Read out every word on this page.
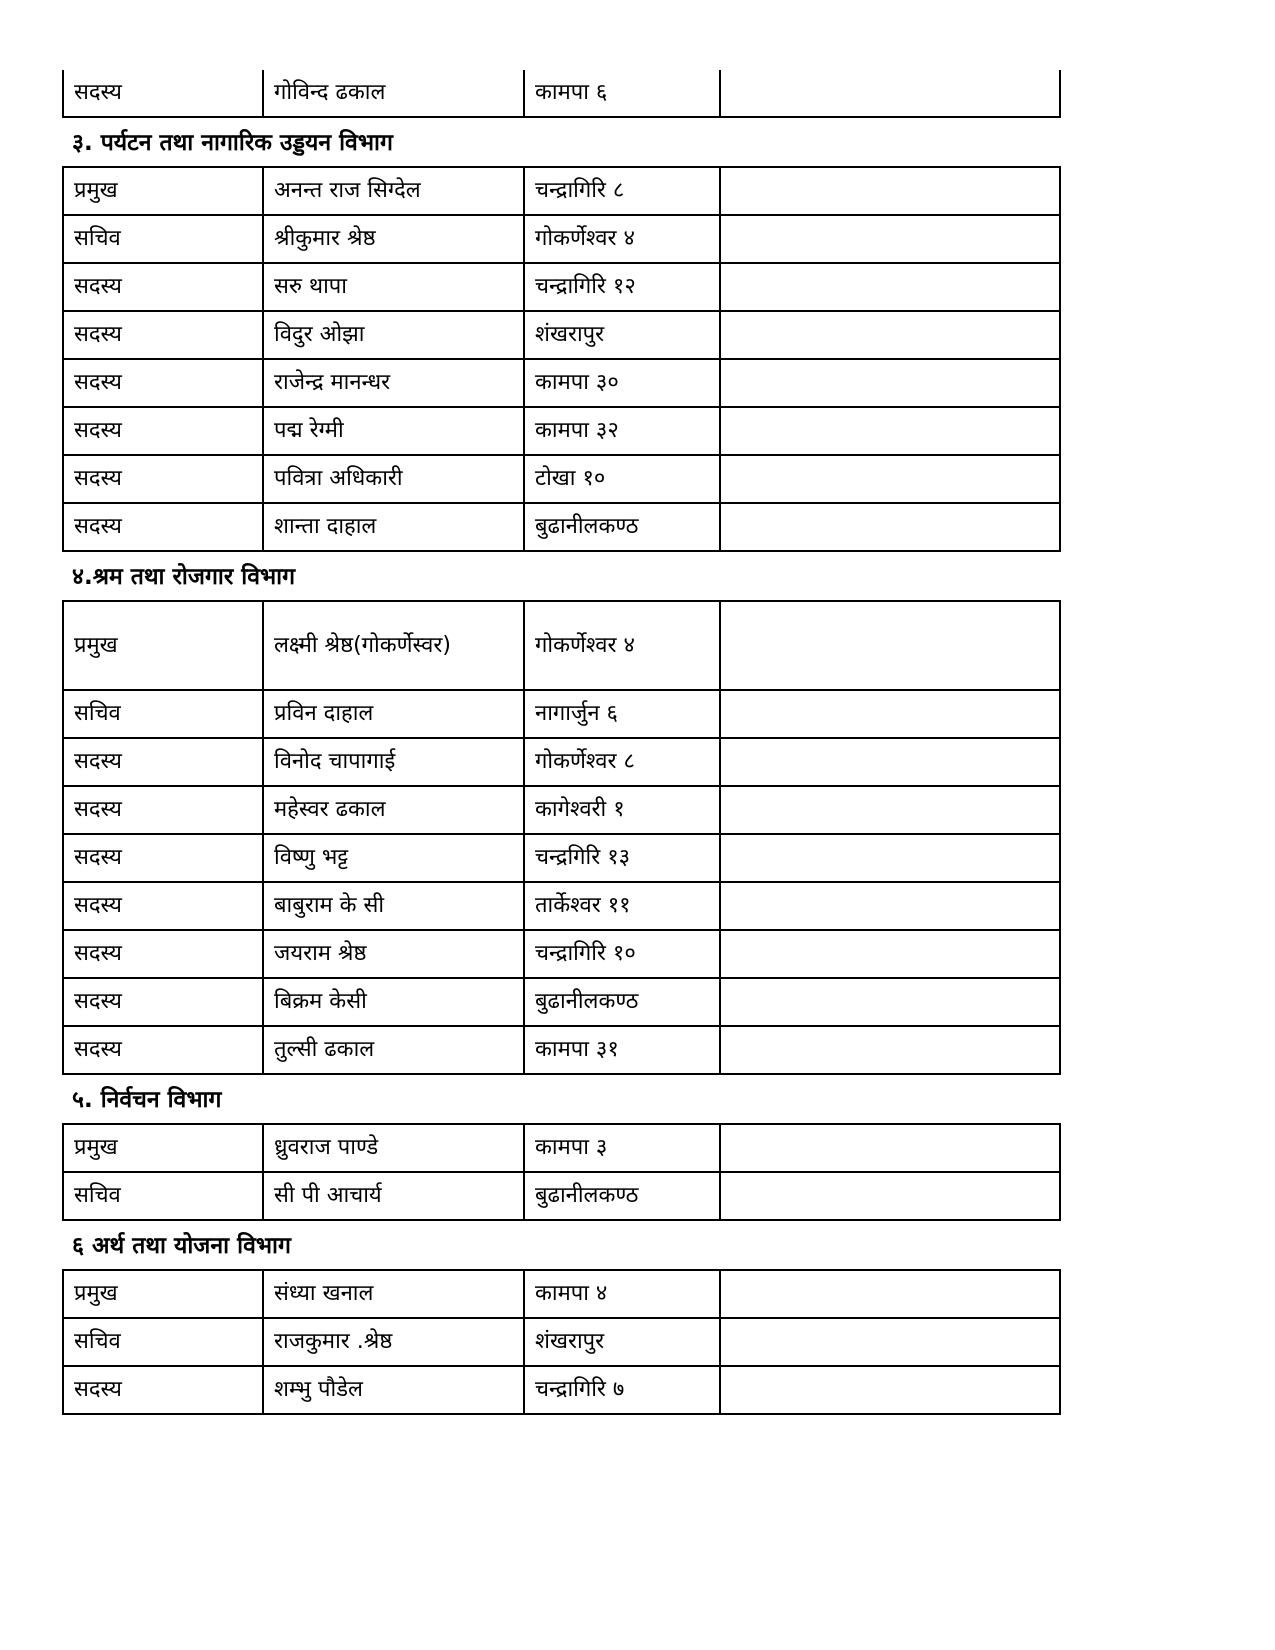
सदस्य	गोविन्द ढकाल	कामपा ६	
३. पर्यटन तथा नागारिक उड्डयन विभाग
प्रमुख	अनन्त राज सिग्देल	चन्द्रागिरि ८	
सचिव	श्रीकुमार श्रेष्ठ	गोकर्णेश्वर ४	
सदस्य	सरु थापा	चन्द्रागिरि १२	
सदस्य	विदुर ओझा	शंखरापुर	
सदस्य	राजेन्द्र मानन्धर	कामपा ३०	
सदस्य	पद्म रेग्मी	कामपा ३२	
सदस्य	पवित्रा अधिकारी	टोखा १०	
सदस्य	शान्ता दाहाल	बुढानीलकण्ठ	
४.श्रम तथा रोजगार विभाग
प्रमुख	लक्ष्मी श्रेष्ठ(गोकर्णेस्वर)	गोकर्णेश्वर ४	
सचिव	प्रविन दाहाल	नागार्जुन ६	
सदस्य	विनोद चापागाई	गोकर्णेश्वर ८	
सदस्य	महेस्वर ढकाल	कागेश्वरी १	
सदस्य	विष्णु भट्ट	चन्द्रगिरि १३	
सदस्य	बाबुराम के सी	तार्केश्वर ११	
सदस्य	जयराम श्रेष्ठ	चन्द्रागिरि १०	
सदस्य	बिक्रम केसी	बुढानीलकण्ठ	
सदस्य	तुल्सी ढकाल	कामपा ३१	
५. निर्वचन विभाग
प्रमुख	ध्रुवराज पाण्डे	कामपा ३	
सचिव	सी पी आचार्य	बुढानीलकण्ठ	
६ अर्थ तथा योजना विभाग
प्रमुख	संध्या खनाल	कामपा ४	
सचिव	राजकुमार .श्रेष्ठ	शंखरापुर	
सदस्य	शम्भु पौडेल	चन्द्रागिरि ७	
